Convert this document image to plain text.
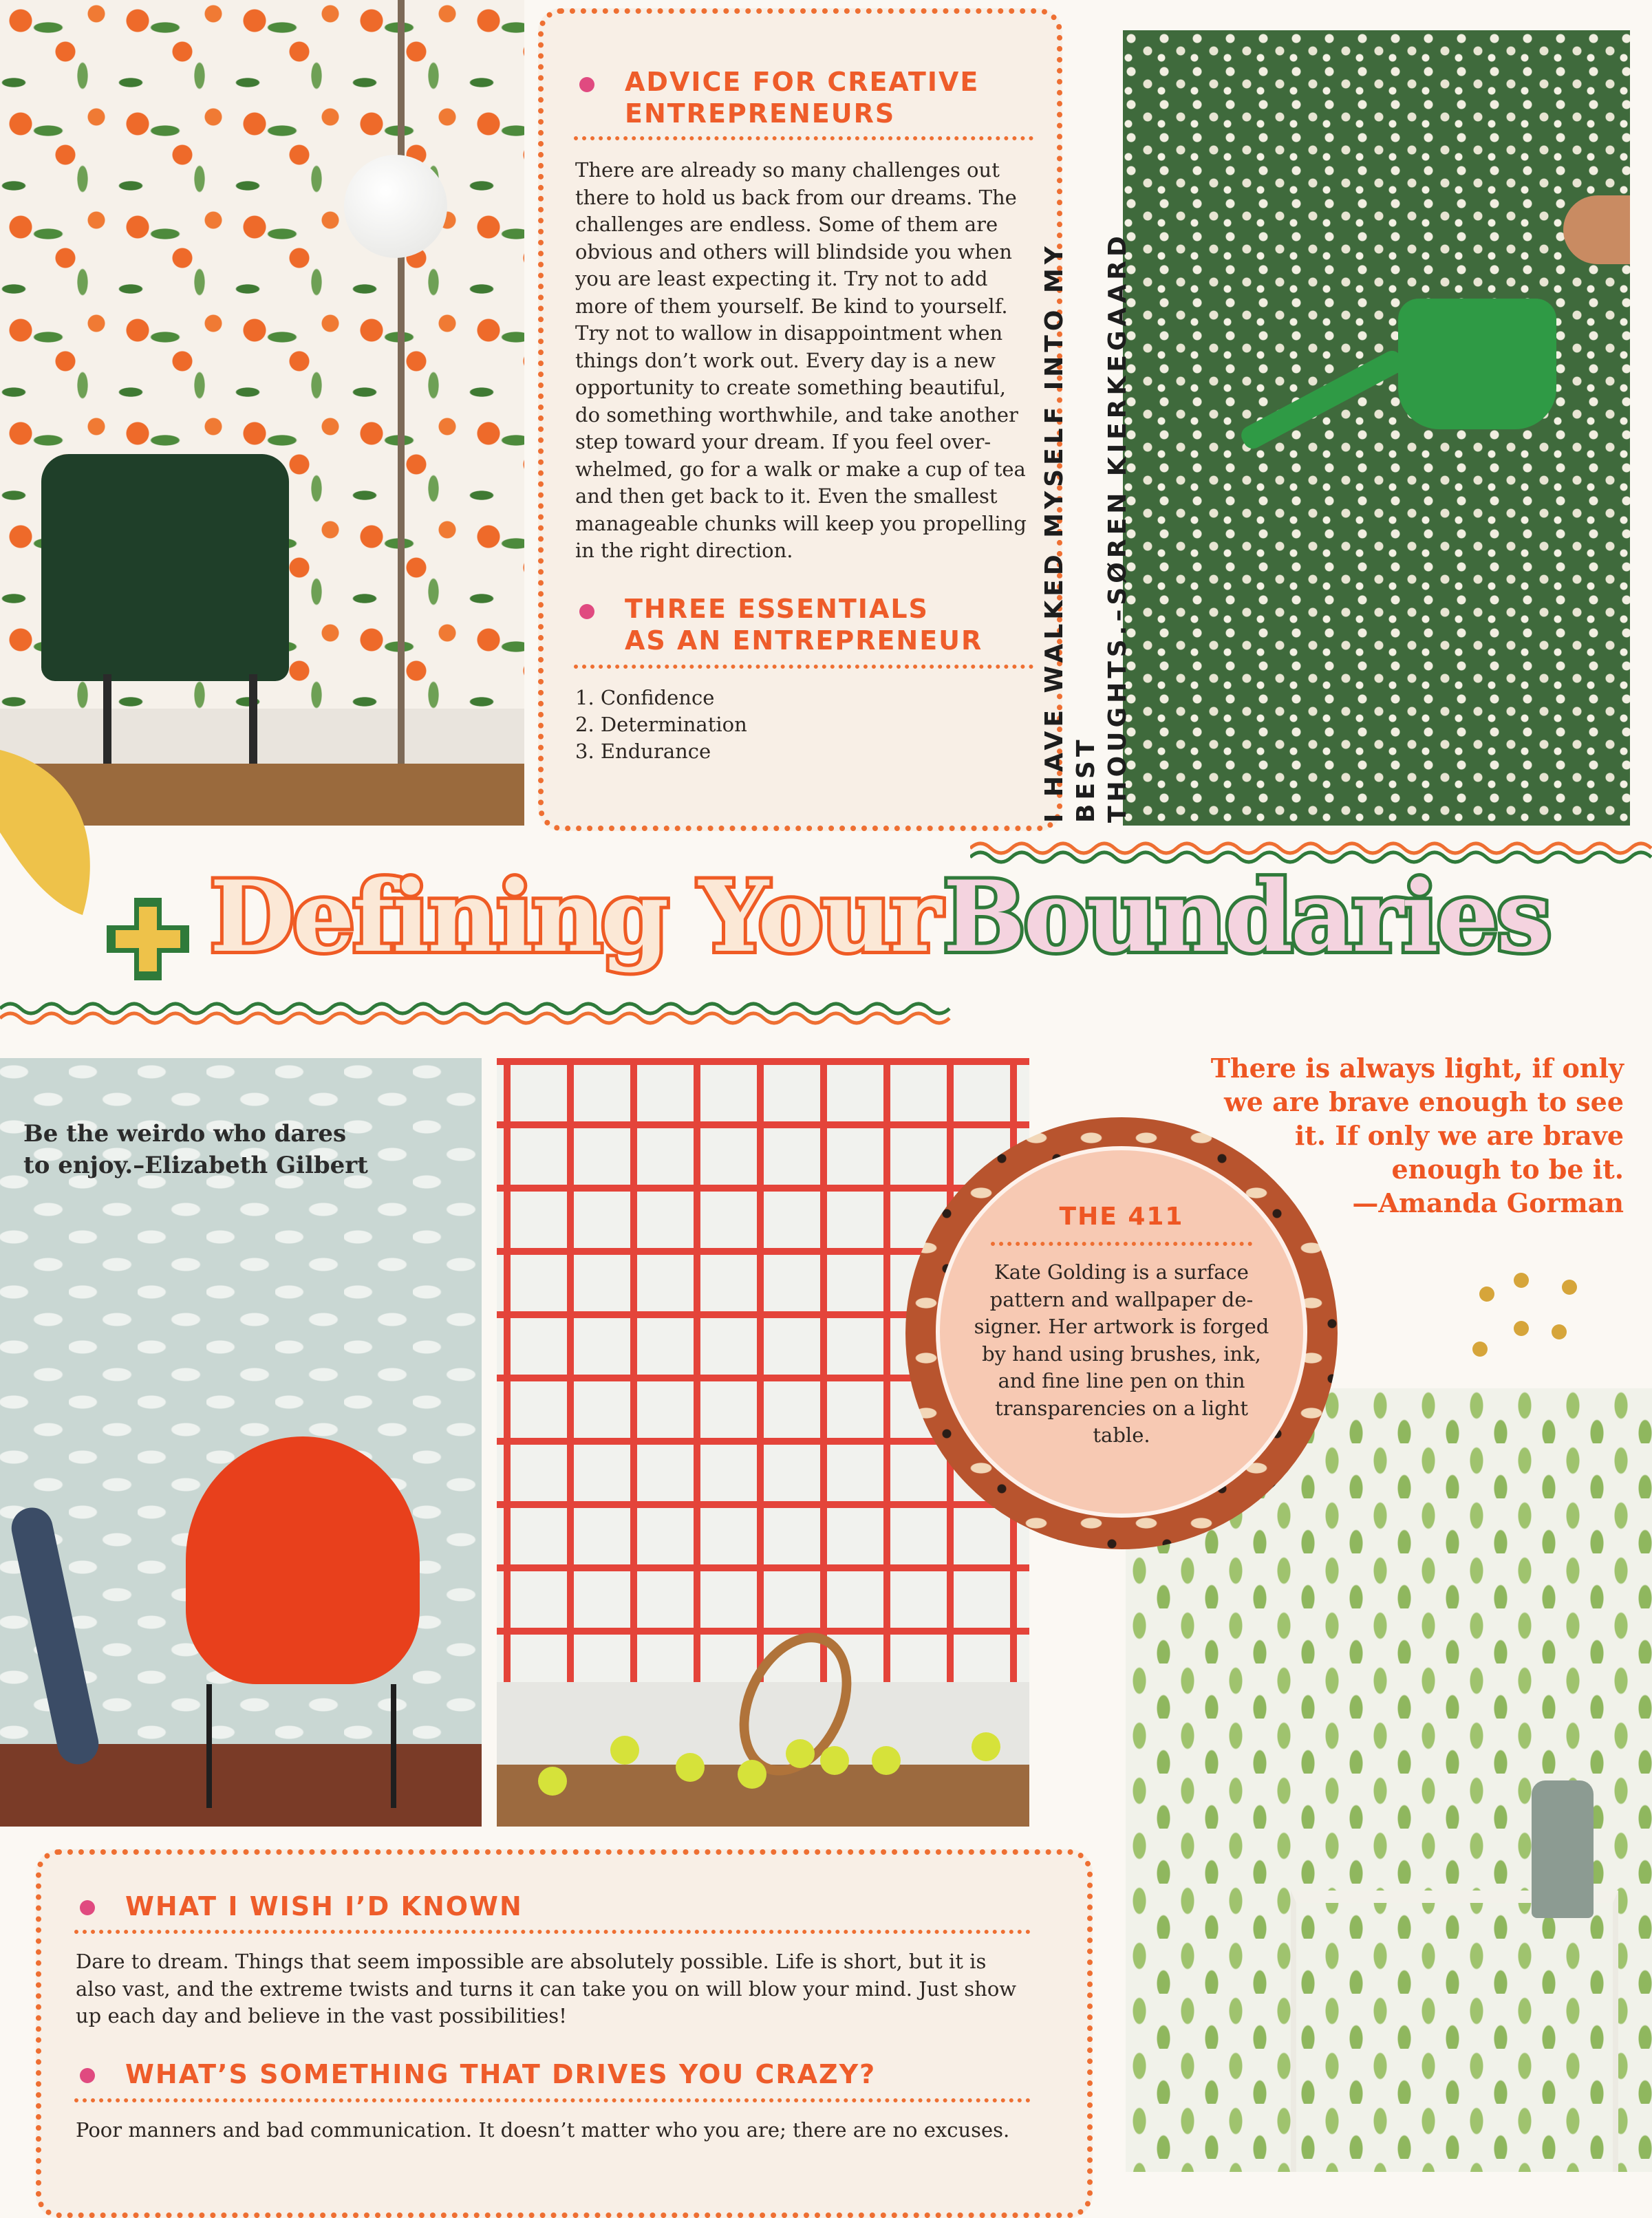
ADVICE FOR CREATIVE
ENTREPRENEURS
There are already so many challenges out
there to hold us back from our dreams. The
challenges are endless. Some of them are
obvious and others will blindside you when
you are least expecting it. Try not to add
more of them yourself. Be kind to yourself.
Try not to wallow in disappointment when
things don’t work out. Every day is a new
opportunity to create something beautiful,
do something worthwhile, and take another
step toward your dream. If you feel over-
whelmed, go for a walk or make a cup of tea
and then get back to it. Even the smallest
manageable chunks will keep you propelling
in the right direction.
THREE ESSENTIALS
AS AN ENTREPRENEUR
1. Confidence
2. Determination
3. Endurance	I HAVE WALKED MYSELF INTO MY BEST THOUGHTS.–SØREN KIERKEGAARD
Defining Your Boundaries
Be the weirdo who dares
to enjoy.–Elizabeth Gilbert
There is always light, if only
we are brave enough to see
it. If only we are brave
enough to be it.
—Amanda Gorman
THE 411
Kate Golding is a surface
pattern and wallpaper de-
signer. Her artwork is forged
by hand using brushes, ink,
and fine line pen on thin
transparencies on a light
table.
WHAT I WISH I’D KNOWN
Dare to dream. Things that seem impossible are absolutely possible. Life is short, but it is
also vast, and the extreme twists and turns it can take you on will blow your mind. Just show
up each day and believe in the vast possibilities!
WHAT’S SOMETHING THAT DRIVES YOU CRAZY?
Poor manners and bad communication. It doesn’t matter who you are; there are no excuses.
